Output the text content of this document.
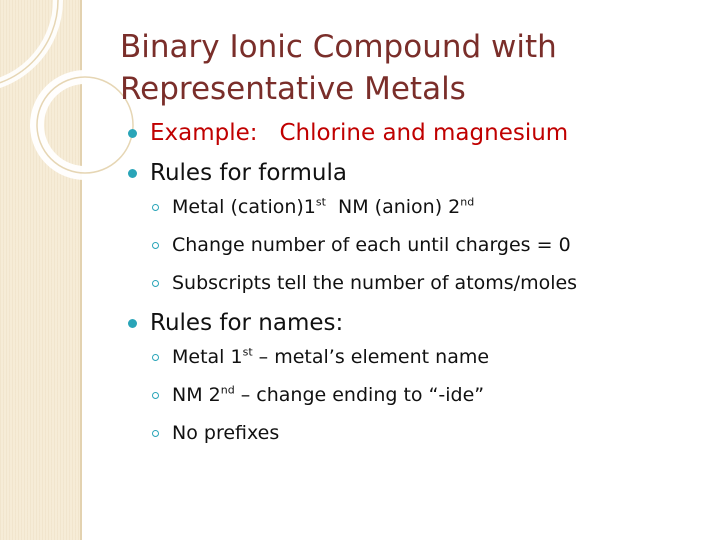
Binary Ionic Compound with Representative Metals
Example:   Chlorine and magnesium
Rules for formula
Metal (cation)1st  NM (anion) 2nd
Change number of each until charges = 0
Subscripts tell the number of atoms/moles
Rules for names:
Metal 1st – metal’s element name
NM 2nd – change ending to “-ide”
No prefixes
